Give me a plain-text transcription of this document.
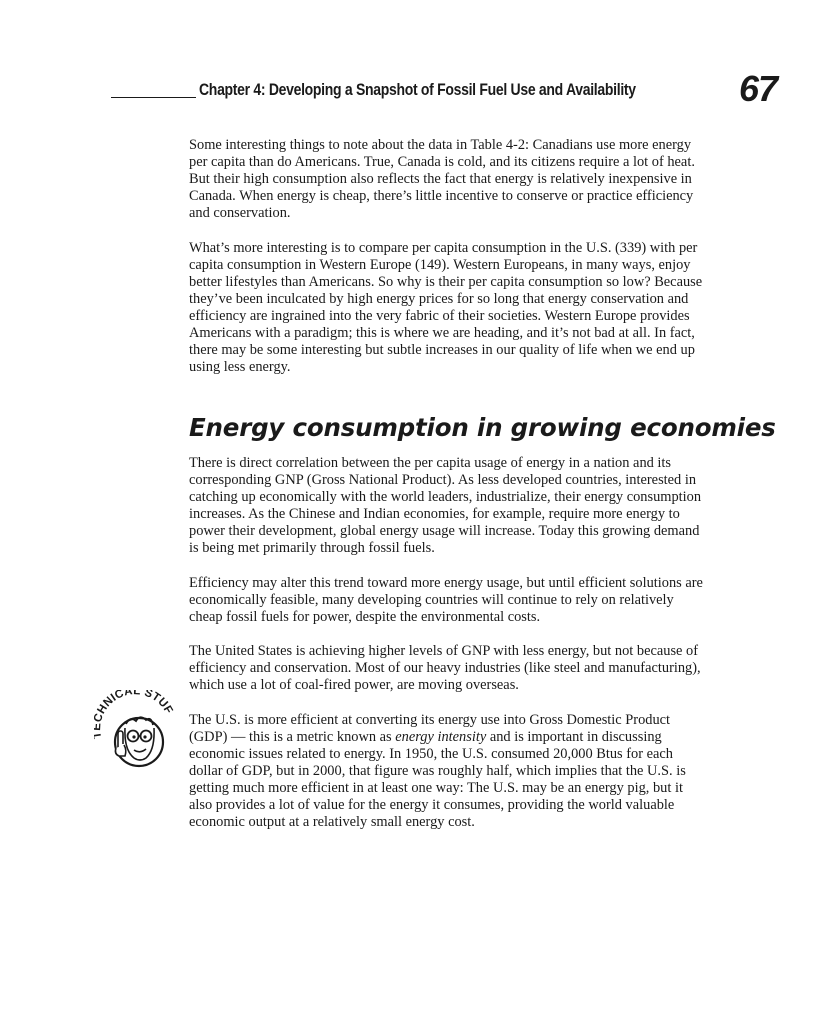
Chapter 4: Developing a Snapshot of Fossil Fuel Use and Availability	67
HNICAL STUF

Some interesting things to note about the data in Table 4-2: Canadians use more energy per capita than do Americans. True, Canada is cold, and its citizens require a lot of heat. But their high consumption also reflects the fact that energy is relatively inexpensive in Canada. When energy is cheap, there’s little incentive to conserve or practice efficiency and conservation.

What’s more interesting is to compare per capita consumption in the U.S. (339) with per capita consumption in Western Europe (149). Western Europeans, in many ways, enjoy better lifestyles than Americans. So why is their per capita consumption so low? Because they’ve been inculcated by high energy prices for so long that energy conservation and efficiency are ingrained into the very fabric of their societies. Western Europe provides Americans with a paradigm; this is where we are heading, and it’s not bad at all. In fact, there may be some interesting but subtle increases in our quality of life when we end up using less energy.

Energy consumption in growing economies

There is direct correlation between the per capita usage of energy in a nation and its corresponding GNP (Gross National Product). As less developed countries, interested in catching up economically with the world leaders, industrialize, their energy consumption increases. As the Chinese and Indian economies, for example, require more energy to power their development, global energy usage will increase. Today this growing demand is being met primarily through fossil fuels.

Efficiency may alter this trend toward more energy usage, but until efficient solutions are economically feasible, many developing countries will continue to rely on relatively cheap fossil fuels for power, despite the environmental costs.

The United States is achieving higher levels of GNP with less energy, but not because of efficiency and conservation. Most of our heavy industries (like steel and manufacturing), which use a lot of coal-fired power, are moving overseas.

The U.S. is more efficient at converting its energy use into Gross Domestic Product (GDP) — this is a metric known as energy intensity and is important in discussing economic issues related to energy. In 1950, the U.S. consumed 20,000 Btus for each dollar of GDP, but in 2000, that figure was roughly half, which implies that the U.S. is getting much more efficient in at least one way: The U.S. may be an energy pig, but it also provides a lot of value for the energy it consumes, providing the world valuable economic output at a relatively small energy cost.
